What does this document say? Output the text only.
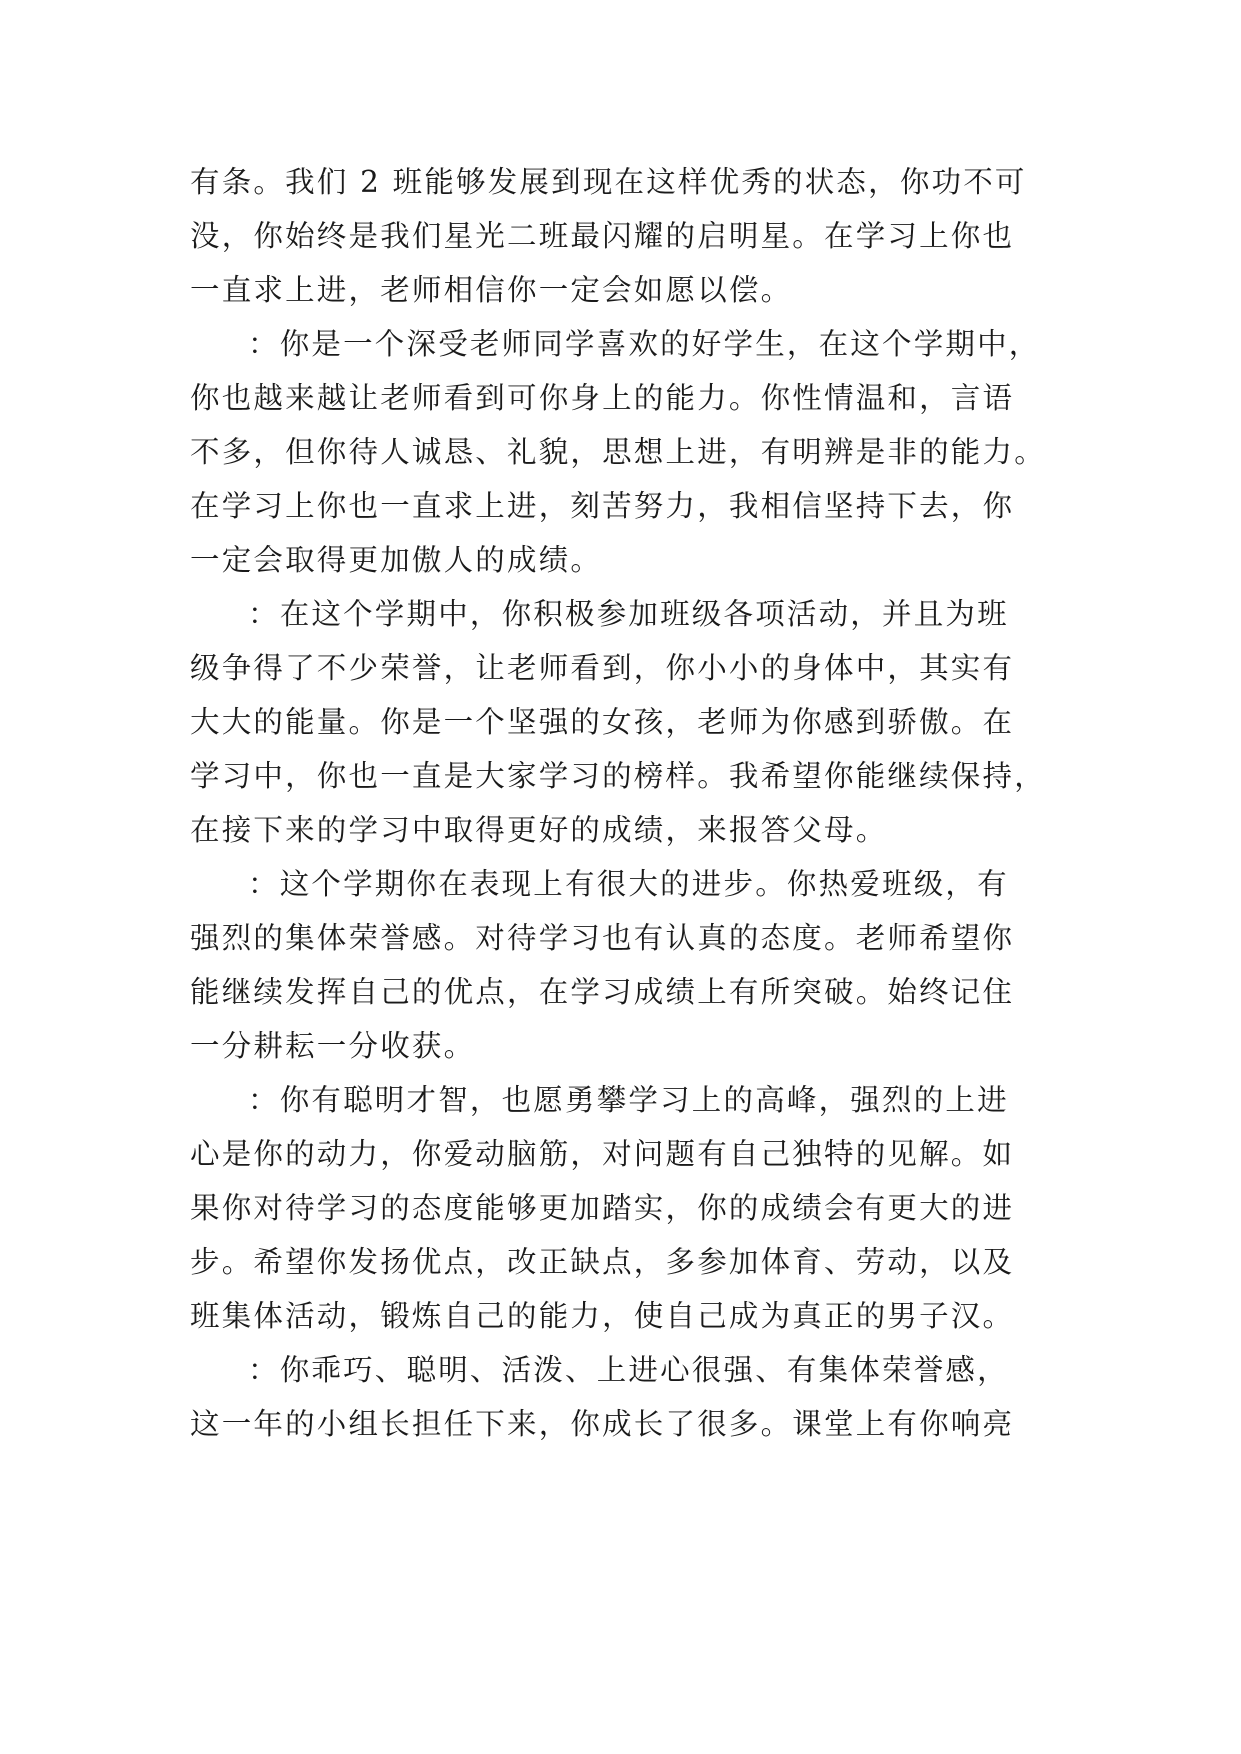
有条。我们 2 班能够发展到现在这样优秀的状态，你功不可
没，你始终是我们星光二班最闪耀的启明星。在学习上你也
一直求上进，老师相信你一定会如愿以偿。
：你是一个深受老师同学喜欢的好学生，在这个学期中，
你也越来越让老师看到可你身上的能力。你性情温和，言语
不多，但你待人诚恳、礼貌，思想上进，有明辨是非的能力。
在学习上你也一直求上进，刻苦努力，我相信坚持下去，你
一定会取得更加傲人的成绩。
：在这个学期中，你积极参加班级各项活动，并且为班
级争得了不少荣誉，让老师看到，你小小的身体中，其实有
大大的能量。你是一个坚强的女孩，老师为你感到骄傲。在
学习中，你也一直是大家学习的榜样。我希望你能继续保持，
在接下来的学习中取得更好的成绩，来报答父母。
：这个学期你在表现上有很大的进步。你热爱班级，有
强烈的集体荣誉感。对待学习也有认真的态度。老师希望你
能继续发挥自己的优点，在学习成绩上有所突破。始终记住
一分耕耘一分收获。
：你有聪明才智，也愿勇攀学习上的高峰，强烈的上进
心是你的动力，你爱动脑筋，对问题有自己独特的见解。如
果你对待学习的态度能够更加踏实，你的成绩会有更大的进
步。希望你发扬优点，改正缺点，多参加体育、劳动，以及
班集体活动，锻炼自己的能力，使自己成为真正的男子汉。
：你乖巧、聪明、活泼、上进心很强、有集体荣誉感，
这一年的小组长担任下来，你成长了很多。课堂上有你响亮
